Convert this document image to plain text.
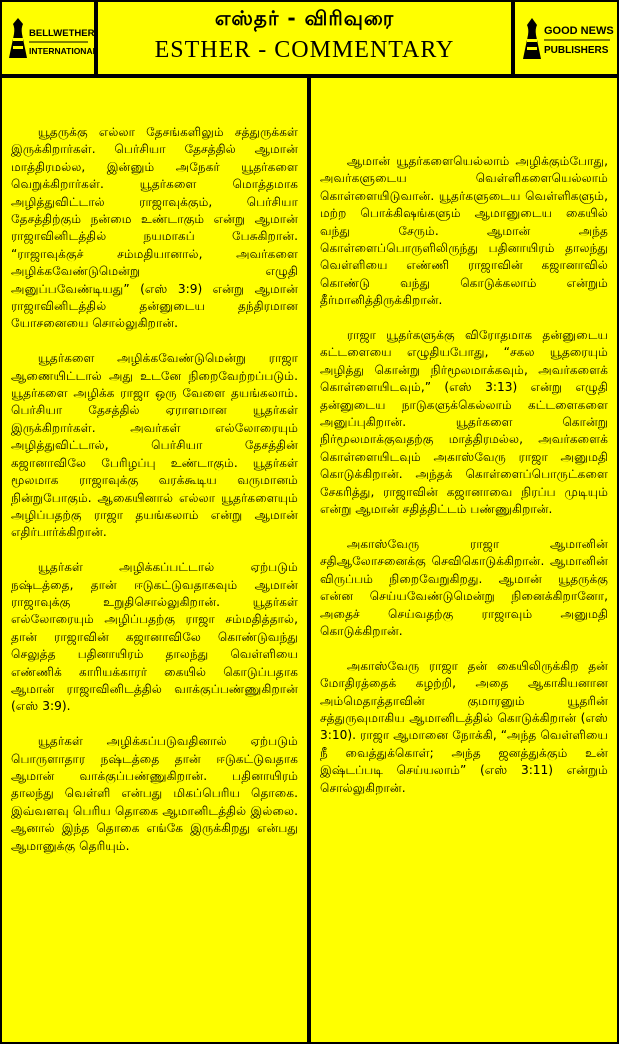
BELLWETHER
INTERNATIONAL
எஸ்தர் - விரிவுரை
ESTHER - COMMENTARY
GOOD NEWS
PUBLISHERS

யூதருக்கு எல்லா தேசங்களிலும் சத்துருக்கள் இருக்கிறார்கள். பெர்சியா தேசத்தில் ஆமான் மாத்திரமல்ல, இன்னும் அநேகர் யூதர்களை வெறுக்கிறார்கள். யூதர்களை மொத்தமாக அழித்துவிட்டால் ராஜாவுக்கும், பெர்சியா தேசத்திற்கும் நன்மை உண்டாகும் என்று ஆமான் ராஜாவினிடத்தில் நயமாகப் பேசுகிறான். “ராஜாவுக்குச் சம்மதியானால், அவர்களை அழிக்கவேண்டுமென்று எழுதி அனுப்பவேண்டியது” (எஸ் 3:9) என்று ஆமான் ராஜாவினிடத்தில் தன்னுடைய தந்திரமான யோசனையை சொல்லுகிறான்.

யூதர்களை அழிக்கவேண்டுமென்று ராஜா ஆணையிட்டால் அது உடனே நிறைவேற்றப்படும். யூதர்களை அழிக்க ராஜா ஒரு வேளை தயங்கலாம். பெர்சியா தேசத்தில் ஏராளமான யூதர்கள் இருக்கிறார்கள். அவர்கள் எல்லோரையும் அழித்துவிட்டால், பெர்சியா தேசத்தின் கஜானாவிலே பேரிழப்பு உண்டாகும். யூதர்கள் மூலமாக ராஜாவுக்கு வரக்கூடிய வருமானம் நின்றுபோகும். ஆகையினால் எல்லா யூதர்களையும் அழிப்பதற்கு ராஜா தயங்கலாம் என்று ஆமான் எதிர்பார்க்கிறான்.

யூதர்கள் அழிக்கப்பட்டால் ஏற்படும் நஷ்டத்தை, தான் ஈடுகட்டுவதாகவும் ஆமான் ராஜாவுக்கு உறுதிசொல்லுகிறான். யூதர்கள் எல்லோரையும் அழிப்பதற்கு ராஜா சம்மதித்தால், தான் ராஜாவின் கஜானாவிலே கொண்டுவந்து செலுத்த பதினாயிரம் தாலந்து வெள்ளியை எண்ணிக் காரியக்காரர் கையில் கொடுப்பதாக ஆமான் ராஜாவினிடத்தில் வாக்குப்பண்ணுகிறான் (எஸ் 3:9).

யூதர்கள் அழிக்கப்படுவதினால் ஏற்படும் பொருளாதார நஷ்டத்தை தான் ஈடுகட்டுவதாக ஆமான் வாக்குப்பண்ணுகிறான். பதினாயிரம் தாலந்து வெள்ளி என்பது மிகப்பெரிய தொகை. இவ்வளவு பெரிய தொகை ஆமானிடத்தில் இல்லை. ஆனால் இந்த தொகை எங்கே இருக்கிறது என்பது ஆமானுக்கு தெரியும்.

ஆமான் யூதர்களையெல்லாம் அழிக்கும்போது, அவர்களுடைய வெள்ளிகளையெல்லாம் கொள்ளையிடுவான். யூதர்களுடைய வெள்ளிகளும், மற்ற பொக்கிஷங்களும் ஆமானுடைய கையில் வந்து சேரும். ஆமான் அந்த கொள்ளைப்பொருளிலிருந்து பதினாயிரம் தாலந்து வெள்ளியை எண்ணி ராஜாவின் கஜானாவில் கொண்டு வந்து கொடுக்கலாம் என்றும் தீர்மானித்திருக்கிறான்.

ராஜா யூதர்களுக்கு விரோதமாக தன்னுடைய கட்டளையை எழுதியபோது, “சகல யூதரையும் அழித்து கொன்று நிர்மூலமாக்கவும், அவர்களைக் கொள்ளையிடவும்,” (எஸ் 3:13) என்று எழுதி தன்னுடைய நாடுகளுக்கெல்லாம் கட்டளைகளை அனுப்புகிறான். யூதர்களை கொன்று நிர்மூலமாக்குவதற்கு மாத்திரமல்ல, அவர்களைக் கொள்ளையிடவும் அகாஸ்வேரு ராஜா அனுமதி கொடுக்கிறான். அந்தக் கொள்ளைப்பொருட்களை சேகரித்து, ராஜாவின் கஜானாவை நிரப்ப முடியும் என்று ஆமான் சதித்திட்டம் பண்ணுகிறான்.

அகாஸ்வேரு ராஜா ஆமானின் சதிஆலோசனைக்கு செவிகொடுக்கிறான். ஆமானின் விருப்பம் நிறைவேறுகிறது. ஆமான் யூதருக்கு என்ன செய்யவேண்டுமென்று நினைக்கிறானோ, அதைச் செய்வதற்கு ராஜாவும் அனுமதி கொடுக்கிறான்.

அகாஸ்வேரு ராஜா தன் கையிலிருக்கிற தன் மோதிரத்தைக் கழற்றி, அதை ஆகாகியனான அம்மெதாத்தாவின் குமாரனும் யூதரின் சத்துருவுமாகிய ஆமானிடத்தில் கொடுக்கிறான் (எஸ் 3:10). ராஜா ஆமானை நோக்கி, “அந்த வெள்ளியை நீ வைத்துக்கொள்; அந்த ஜனத்துக்கும் உன் இஷ்டப்படி செய்யலாம்” (எஸ் 3:11) என்றும் சொல்லுகிறான்.
